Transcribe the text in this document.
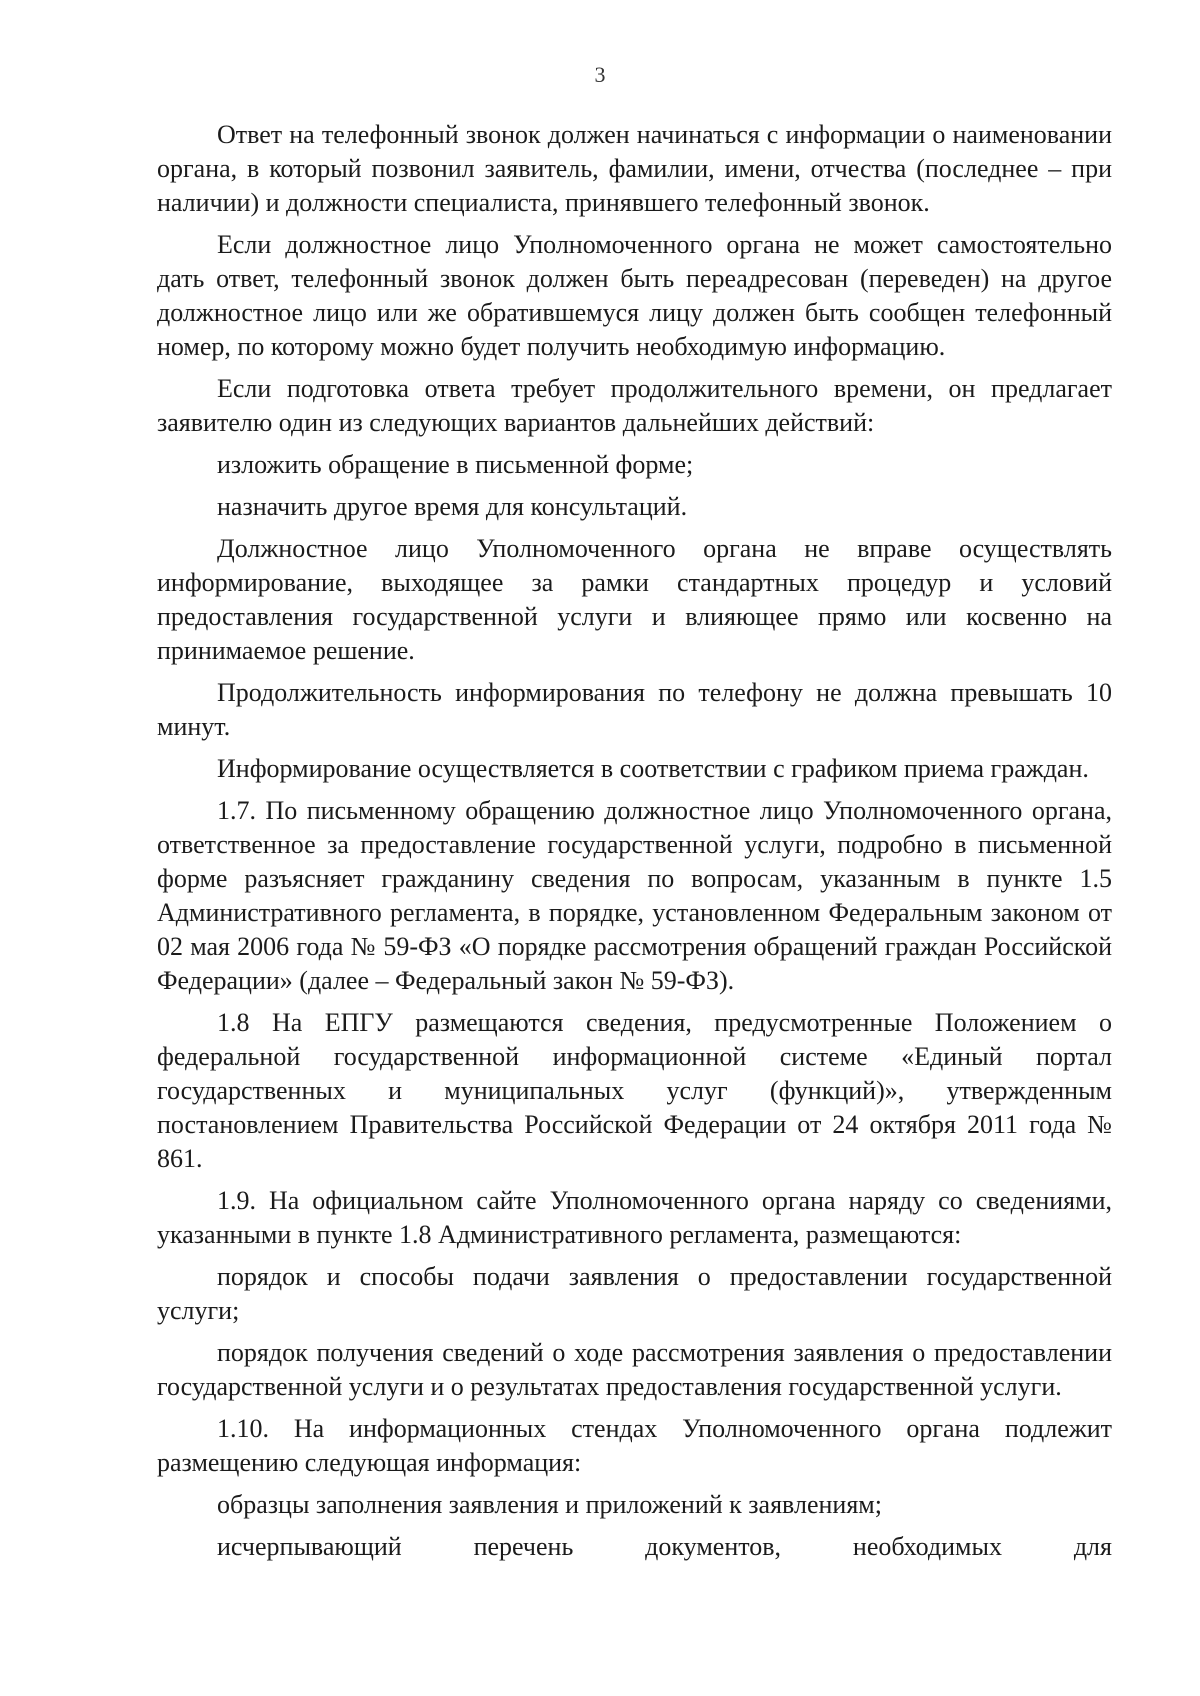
3

Ответ на телефонный звонок должен начинаться с информации о наименовании органа, в который позвонил заявитель, фамилии, имени, отчества (последнее – при наличии) и должности специалиста, принявшего телефонный звонок.

Если должностное лицо Уполномоченного органа не может самостоятельно дать ответ, телефонный звонок должен быть переадресован (переведен) на другое должностное лицо или же обратившемуся лицу должен быть сообщен телефонный номер, по которому можно будет получить необходимую информацию.

Если подготовка ответа требует продолжительного времени, он предлагает заявителю один из следующих вариантов дальнейших действий:

изложить обращение в письменной форме;

назначить другое время для консультаций.

Должностное лицо Уполномоченного органа не вправе осуществлять информирование, выходящее за рамки стандартных процедур и условий предоставления государственной услуги и влияющее прямо или косвенно на принимаемое решение.

Продолжительность информирования по телефону не должна превышать 10 минут.

Информирование осуществляется в соответствии с графиком приема граждан.

1.7. По письменному обращению должностное лицо Уполномоченного органа, ответственное за предоставление государственной услуги, подробно в письменной форме разъясняет гражданину сведения по вопросам, указанным в пункте 1.5 Административного регламента, в порядке, установленном Федеральным законом от 02 мая 2006 года № 59-ФЗ «О порядке рассмотрения обращений граждан Российской Федерации» (далее – Федеральный закон № 59-ФЗ).

1.8 На ЕПГУ размещаются сведения, предусмотренные Положением о федеральной государственной информационной системе «Единый портал государственных и муниципальных услуг (функций)», утвержденным постановлением Правительства Российской Федерации от 24 октября 2011 года № 861.

1.9. На официальном сайте Уполномоченного органа наряду со сведениями, указанными в пункте 1.8 Административного регламента, размещаются:

порядок и способы подачи заявления о предоставлении государственной услуги;

порядок получения сведений о ходе рассмотрения заявления о предоставлении государственной услуги и о результатах предоставления государственной услуги.

1.10. На информационных стендах Уполномоченного органа подлежит размещению следующая информация:

образцы заполнения заявления и приложений к заявлениям;

исчерпывающий перечень документов, необходимых для
